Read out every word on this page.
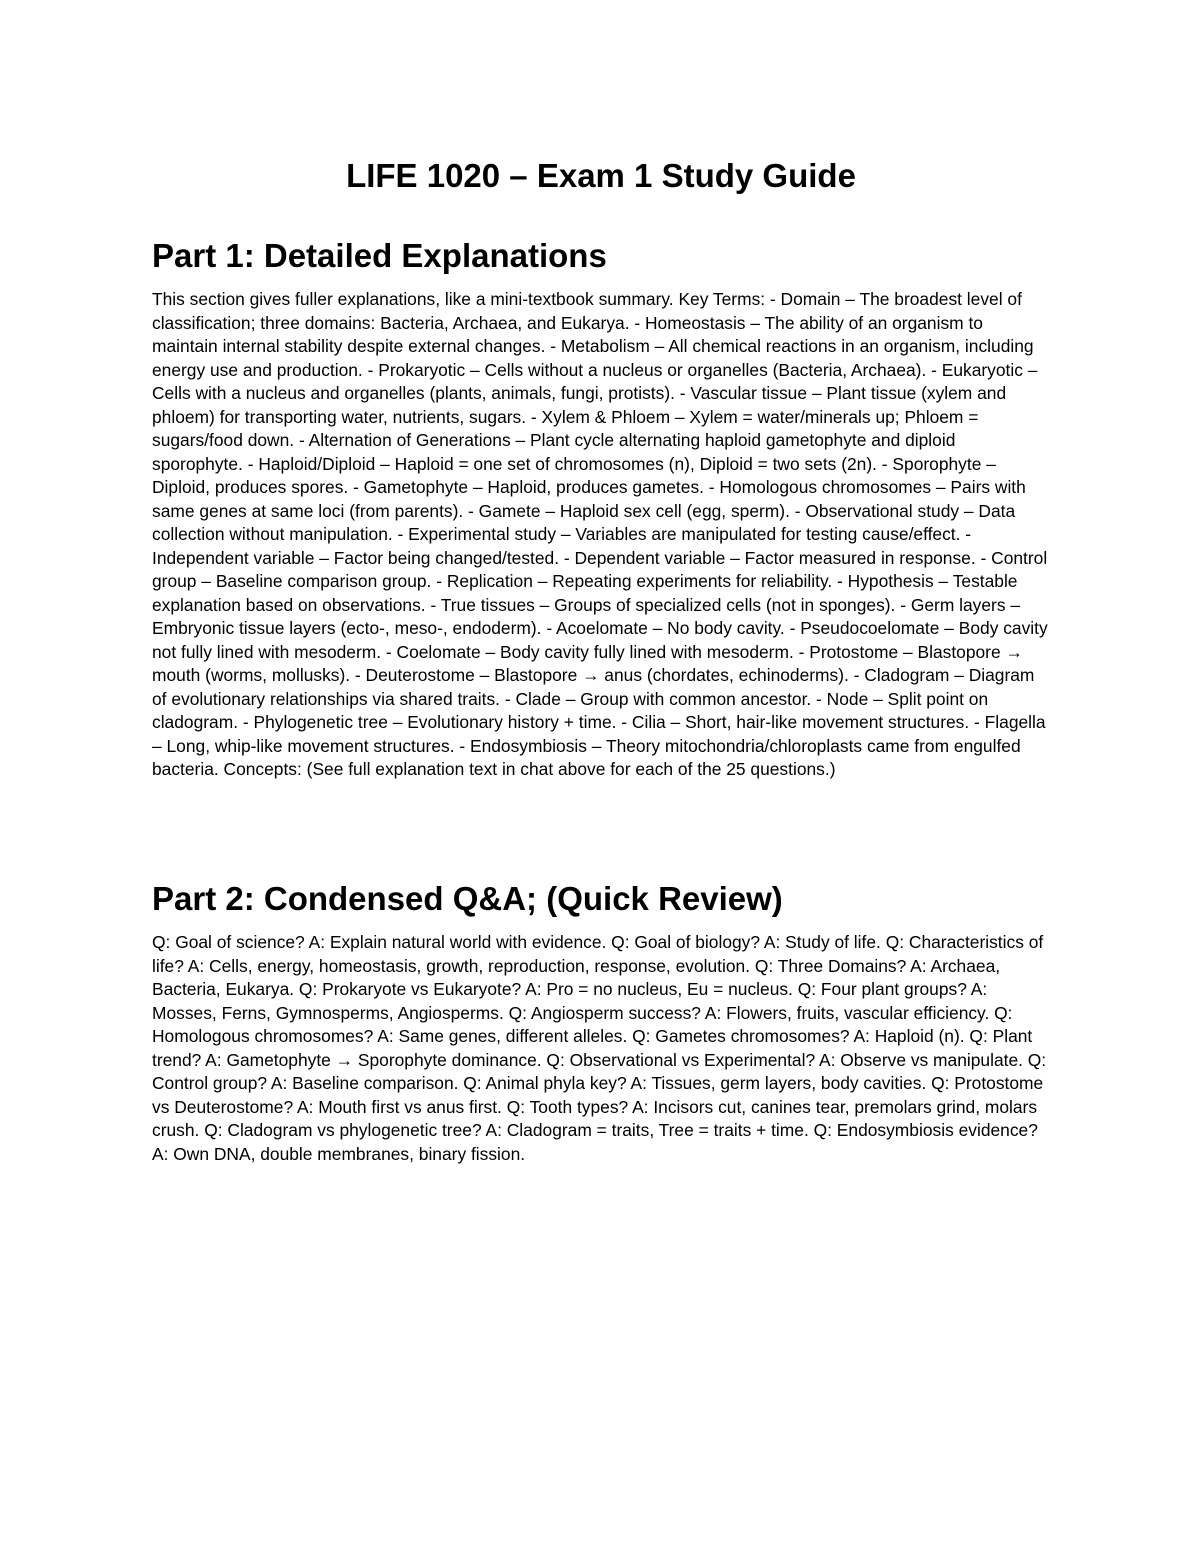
LIFE 1020 – Exam 1 Study Guide
Part 1: Detailed Explanations

This section gives fuller explanations, like a mini-textbook summary. Key Terms: - Domain – The broadest level of classification; three domains: Bacteria, Archaea, and Eukarya. - Homeostasis – The ability of an organism to maintain internal stability despite external changes. - Metabolism – All chemical reactions in an organism, including energy use and production. - Prokaryotic – Cells without a nucleus or organelles (Bacteria, Archaea). - Eukaryotic – Cells with a nucleus and organelles (plants, animals, fungi, protists). - Vascular tissue – Plant tissue (xylem and phloem) for transporting water, nutrients, sugars. - Xylem & Phloem – Xylem = water/minerals up; Phloem = sugars/food down. - Alternation of Generations – Plant cycle alternating haploid gametophyte and diploid sporophyte. - Haploid/Diploid – Haploid = one set of chromosomes (n), Diploid = two sets (2n). - Sporophyte – Diploid, produces spores. - Gametophyte – Haploid, produces gametes. - Homologous chromosomes – Pairs with same genes at same loci (from parents). - Gamete – Haploid sex cell (egg, sperm). - Observational study – Data collection without manipulation. - Experimental study – Variables are manipulated for testing cause/effect. - Independent variable – Factor being changed/tested. - Dependent variable – Factor measured in response. - Control group – Baseline comparison group. - Replication – Repeating experiments for reliability. - Hypothesis – Testable explanation based on observations. - True tissues – Groups of specialized cells (not in sponges). - Germ layers – Embryonic tissue layers (ecto-, meso-, endoderm). - Acoelomate – No body cavity. - Pseudocoelomate – Body cavity not fully lined with mesoderm. - Coelomate – Body cavity fully lined with mesoderm. - Protostome – Blastopore → mouth (worms, mollusks). - Deuterostome – Blastopore → anus (chordates, echinoderms). - Cladogram – Diagram of evolutionary relationships via shared traits. - Clade – Group with common ancestor. - Node – Split point on cladogram. - Phylogenetic tree – Evolutionary history + time. - Cilia – Short, hair-like movement structures. - Flagella – Long, whip-like movement structures. - Endosymbiosis – Theory mitochondria/chloroplasts came from engulfed bacteria. Concepts: (See full explanation text in chat above for each of the 25 questions.)

Part 2: Condensed Q&A; (Quick Review)

Q: Goal of science? A: Explain natural world with evidence. Q: Goal of biology? A: Study of life. Q: Characteristics of life? A: Cells, energy, homeostasis, growth, reproduction, response, evolution. Q: Three Domains? A: Archaea, Bacteria, Eukarya. Q: Prokaryote vs Eukaryote? A: Pro = no nucleus, Eu = nucleus. Q: Four plant groups? A: Mosses, Ferns, Gymnosperms, Angiosperms. Q: Angiosperm success? A: Flowers, fruits, vascular efficiency. Q: Homologous chromosomes? A: Same genes, different alleles. Q: Gametes chromosomes? A: Haploid (n). Q: Plant trend? A: Gametophyte → Sporophyte dominance. Q: Observational vs Experimental? A: Observe vs manipulate. Q: Control group? A: Baseline comparison. Q: Animal phyla key? A: Tissues, germ layers, body cavities. Q: Protostome vs Deuterostome? A: Mouth first vs anus first. Q: Tooth types? A: Incisors cut, canines tear, premolars grind, molars crush. Q: Cladogram vs phylogenetic tree? A: Cladogram = traits, Tree = traits + time. Q: Endosymbiosis evidence? A: Own DNA, double membranes, binary fission.
